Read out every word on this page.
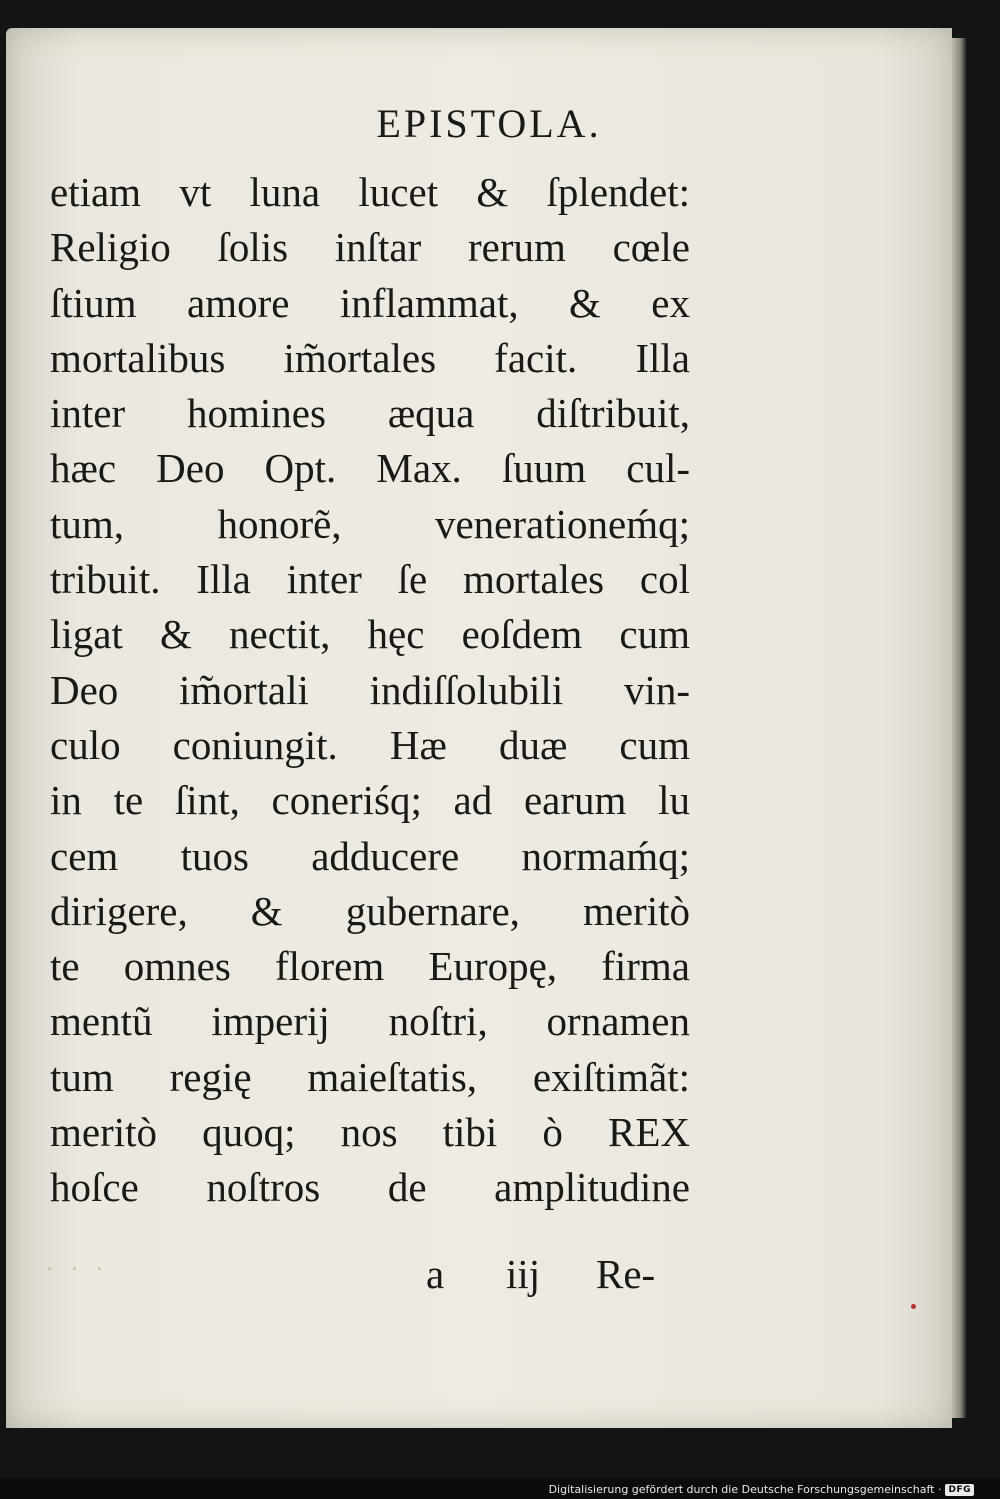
EPISTOLA.
etiam vt luna lucet & ſplendet:
Religio ſolis inſtar rerum cœle
ſtium amore inflammat, & ex
mortalibus im̃ortales facit. Illa
inter homines æqua diſtribuit,
hæc Deo Opt. Max. ſuum cul-
tum, honorẽ, venerationeḿq;
tribuit. Illa inter ſe mortales col
ligat & nectit, hęc eoſdem cum
Deo im̃ortali indiſſolubili vin-
culo coniungit. Hæ duæ cum
in te ſint, coneriśq; ad earum lu
cem tuos adducere normaḿq;
dirigere, & gubernare, meritò
te omnes florem Europę, firma
mentũ imperij noſtri, ornamen
tum regię maieſtatis, exiſtimãt:
meritò quoq; nos tibi ò REX
hoſce noſtros de amplitudine
a iij Re-
· · ·
Digitalisierung gefördert durch die Deutsche Forschungsgemeinschaft · DFG
